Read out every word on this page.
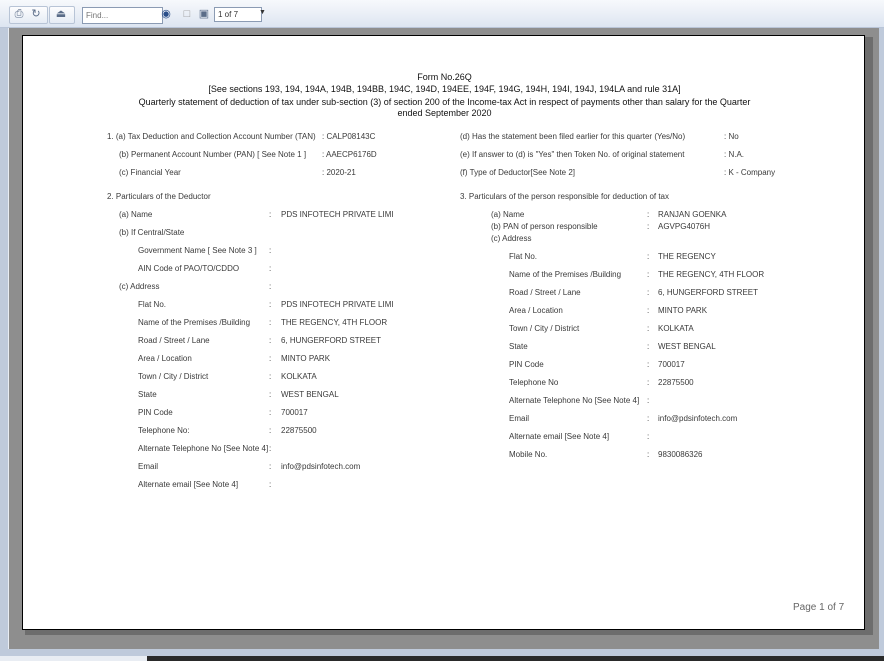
⎙ ↻ ⏏
Find...	◉	□ ▣	1 of 7	▼
Form No.26Q
[See sections 193, 194, 194A, 194B, 194BB, 194C, 194D, 194EE, 194F, 194G, 194H, 194I, 194J, 194LA and rule 31A]
Quarterly statement of deduction of tax under sub-section (3) of section 200 of the Income-tax Act in respect of payments other than salary for the Quarter
ended September 2020
1. (a) Tax Deduction and Collection Account Number (TAN) : CALP08143C
(b) Permanent Account Number (PAN) [ See Note 1 ] : AAECP6176D
(c) Financial Year	: 2020-21
(d) Has the statement been filed earlier for this quarter (Yes/No)	: No
(e) If answer to (d) is "Yes" then Token No. of original statement	: N.A.
(f) Type of Deductor[See Note 2]	: K - Company
2. Particulars of the Deductor
(a) Name	: PDS INFOTECH PRIVATE LIMI
(b) If Central/State
Government Name [ See Note 3 ] :
AIN Code of PAO/TO/CDDO	:
(c) Address	:
Flat No.	: PDS INFOTECH PRIVATE LIMI
Name of the Premises /Building : THE REGENCY, 4TH FLOOR
Road / Street / Lane	: 6, HUNGERFORD STREET
Area / Location	: MINTO PARK
Town / City / District	: KOLKATA
State	: WEST BENGAL
PIN Code	: 700017
Telephone No:	: 22875500
Alternate Telephone No [See Note 4] :
Email	: info@pdsinfotech.com
Alternate email [See Note 4]	:
3. Particulars of the person responsible for deduction of tax
(a) Name	: RANJAN GOENKA
(b) PAN of person responsible	: AGVPG4076H
(c) Address
Flat No.	: THE REGENCY
Name of the Premises /Building	: THE REGENCY, 4TH FLOOR
Road / Street / Lane	: 6, HUNGERFORD STREET
Area / Location	: MINTO PARK
Town / City / District	: KOLKATA
State	: WEST BENGAL
PIN Code	: 700017
Telephone No	: 22875500
Alternate Telephone No [See Note 4] :
Email	: info@pdsinfotech.com
Alternate email [See Note 4]	:
Mobile No.	: 9830086326
Page 1 of 7
